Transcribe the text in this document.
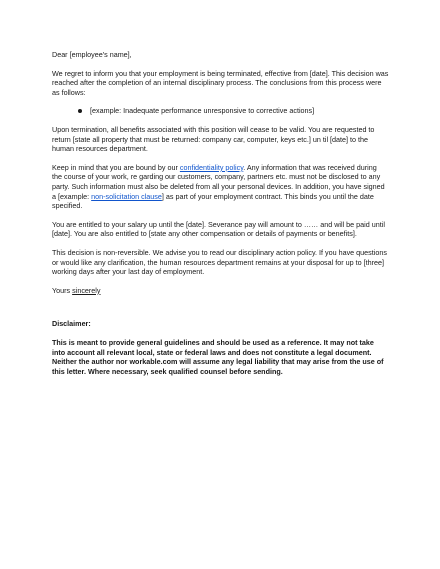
Dear [employee's name],

We regret to inform you that your employment is being terminated, effective from [date]. This decision was
reached after the completion of an internal disciplinary process. The conclusions from this process were
as follows:

[example: Inadequate performance unresponsive to corrective actions]

Upon termination, all benefits associated with this position will cease to be valid. You are requested to
return [state all property that must be returned: company car, computer, keys etc.] un til [date] to the
human resources department.

Keep in mind that you are bound by our confidentiality policy. Any information that was received during
the course of your work, re garding our customers, company, partners etc. must not be disclosed to any
party. Such information must also be deleted from all your personal devices. In addition, you have signed
a [example: non-solicitation clause] as part of your employment contract. This binds you until the date
specified.

You are entitled to your salary up until the [date]. Severance pay will amount to …… and will be paid until
[date]. You are also entitled to [state any other compensation or details of payments or benefits].

This decision is non-reversible. We advise you to read our disciplinary action policy. If you have questions
or would like any clarification, the human resources department remains at your disposal for up to [three]
working days after your last day of employment.

Yours sincerely

Disclaimer:

This is meant to provide general guidelines and should be used as a reference. It may not take
into account all relevant local, state or federal laws and does not constitute a legal document.
Neither the author nor workable.com will assume any legal liability that may arise from the use of
this letter. Where necessary, seek qualified counsel before sending.
